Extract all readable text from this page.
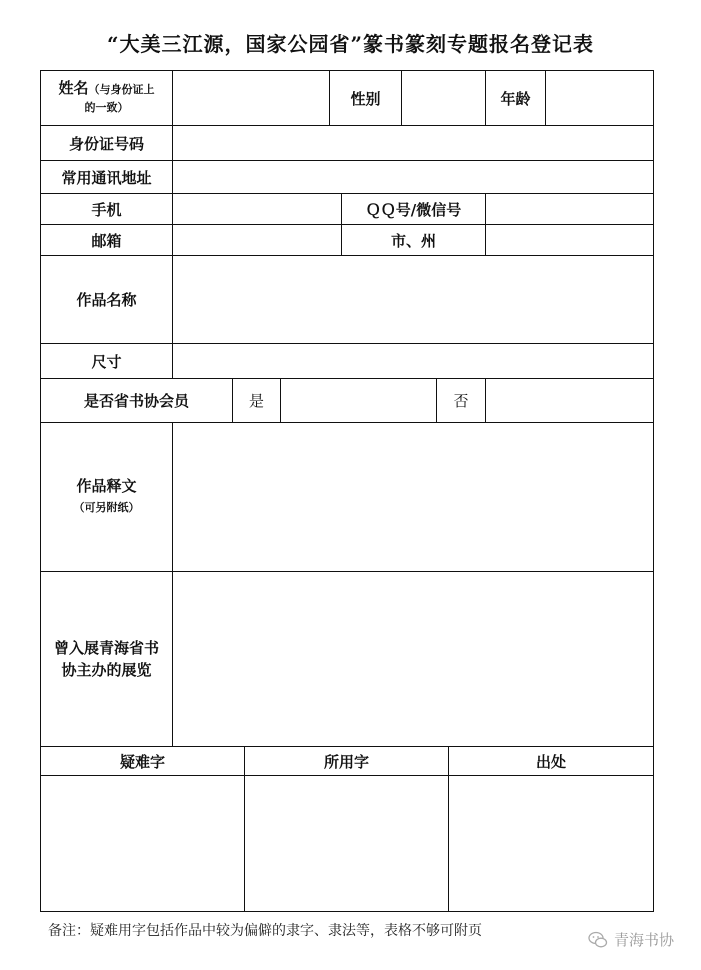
“大美三江源，国家公园省”篆书篆刻专题报名登记表
姓名（与身份证上
的一致）	性别	年龄
身份证号码
常用通讯地址
手机	ＱＱ号/微信号
邮箱	市、州
作品名称
尺寸
是否省书协会员	是	否
作品释文
（可另附纸）
曾入展青海省书
协主办的展览
疑难字	所用字	出处
备注：疑难用字包括作品中较为偏僻的隶字、隶法等，表格不够可附页	青海书协
